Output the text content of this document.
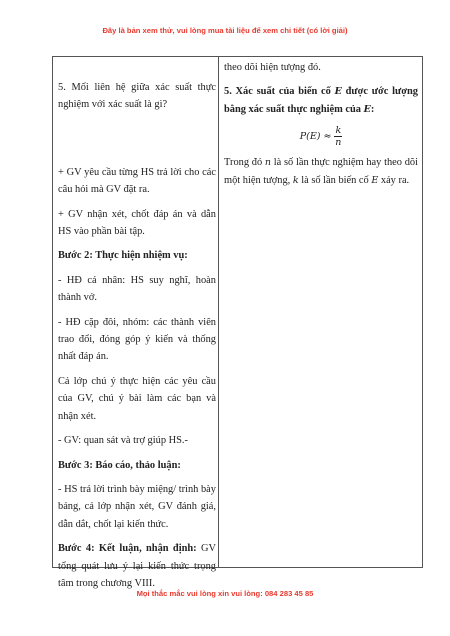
Đây là bản xem thử, vui lòng mua tài liệu để xem chi tiết (có lời giải)

5. Mối liên hệ giữa xác suất thực nghiệm với xác suất là gì?

+ GV yêu cầu từng HS trả lời cho các câu hỏi mà GV đặt ra.

+ GV nhận xét, chốt đáp án và dẫn HS vào phần bài tập.

Bước 2: Thực hiện nhiệm vụ:

- HĐ cá nhân: HS suy nghĩ, hoàn thành vở.

- HĐ cặp đôi, nhóm: các thành viên trao đổi, đóng góp ý kiến và thống nhất đáp án.

Cả lớp chú ý thực hiện các yêu cầu của GV, chú ý bài làm các bạn và nhận xét.

- GV: quan sát và trợ giúp HS.-

Bước 3: Báo cáo, thảo luận:

- HS trả lời trình bày miệng/ trình bày bảng, cả lớp nhận xét, GV đánh giá, dẫn dắt, chốt lại kiến thức.

Bước 4: Kết luận, nhận định: GV tổng quát lưu ý lại kiến thức trọng tâm trong chương VIII.

theo dõi hiện tượng đó.

5. Xác suất của biến cố E được ước lượng bằng xác suất thực nghiệm của E:

$P(E) \approx \frac{k}{n}$

Trong đó n là số lần thực nghiệm hay theo dõi một hiện tượng, k là số lần biến cố E xảy ra.

Mọi thắc mắc vui lòng xin vui lòng: 084 283 45 85
